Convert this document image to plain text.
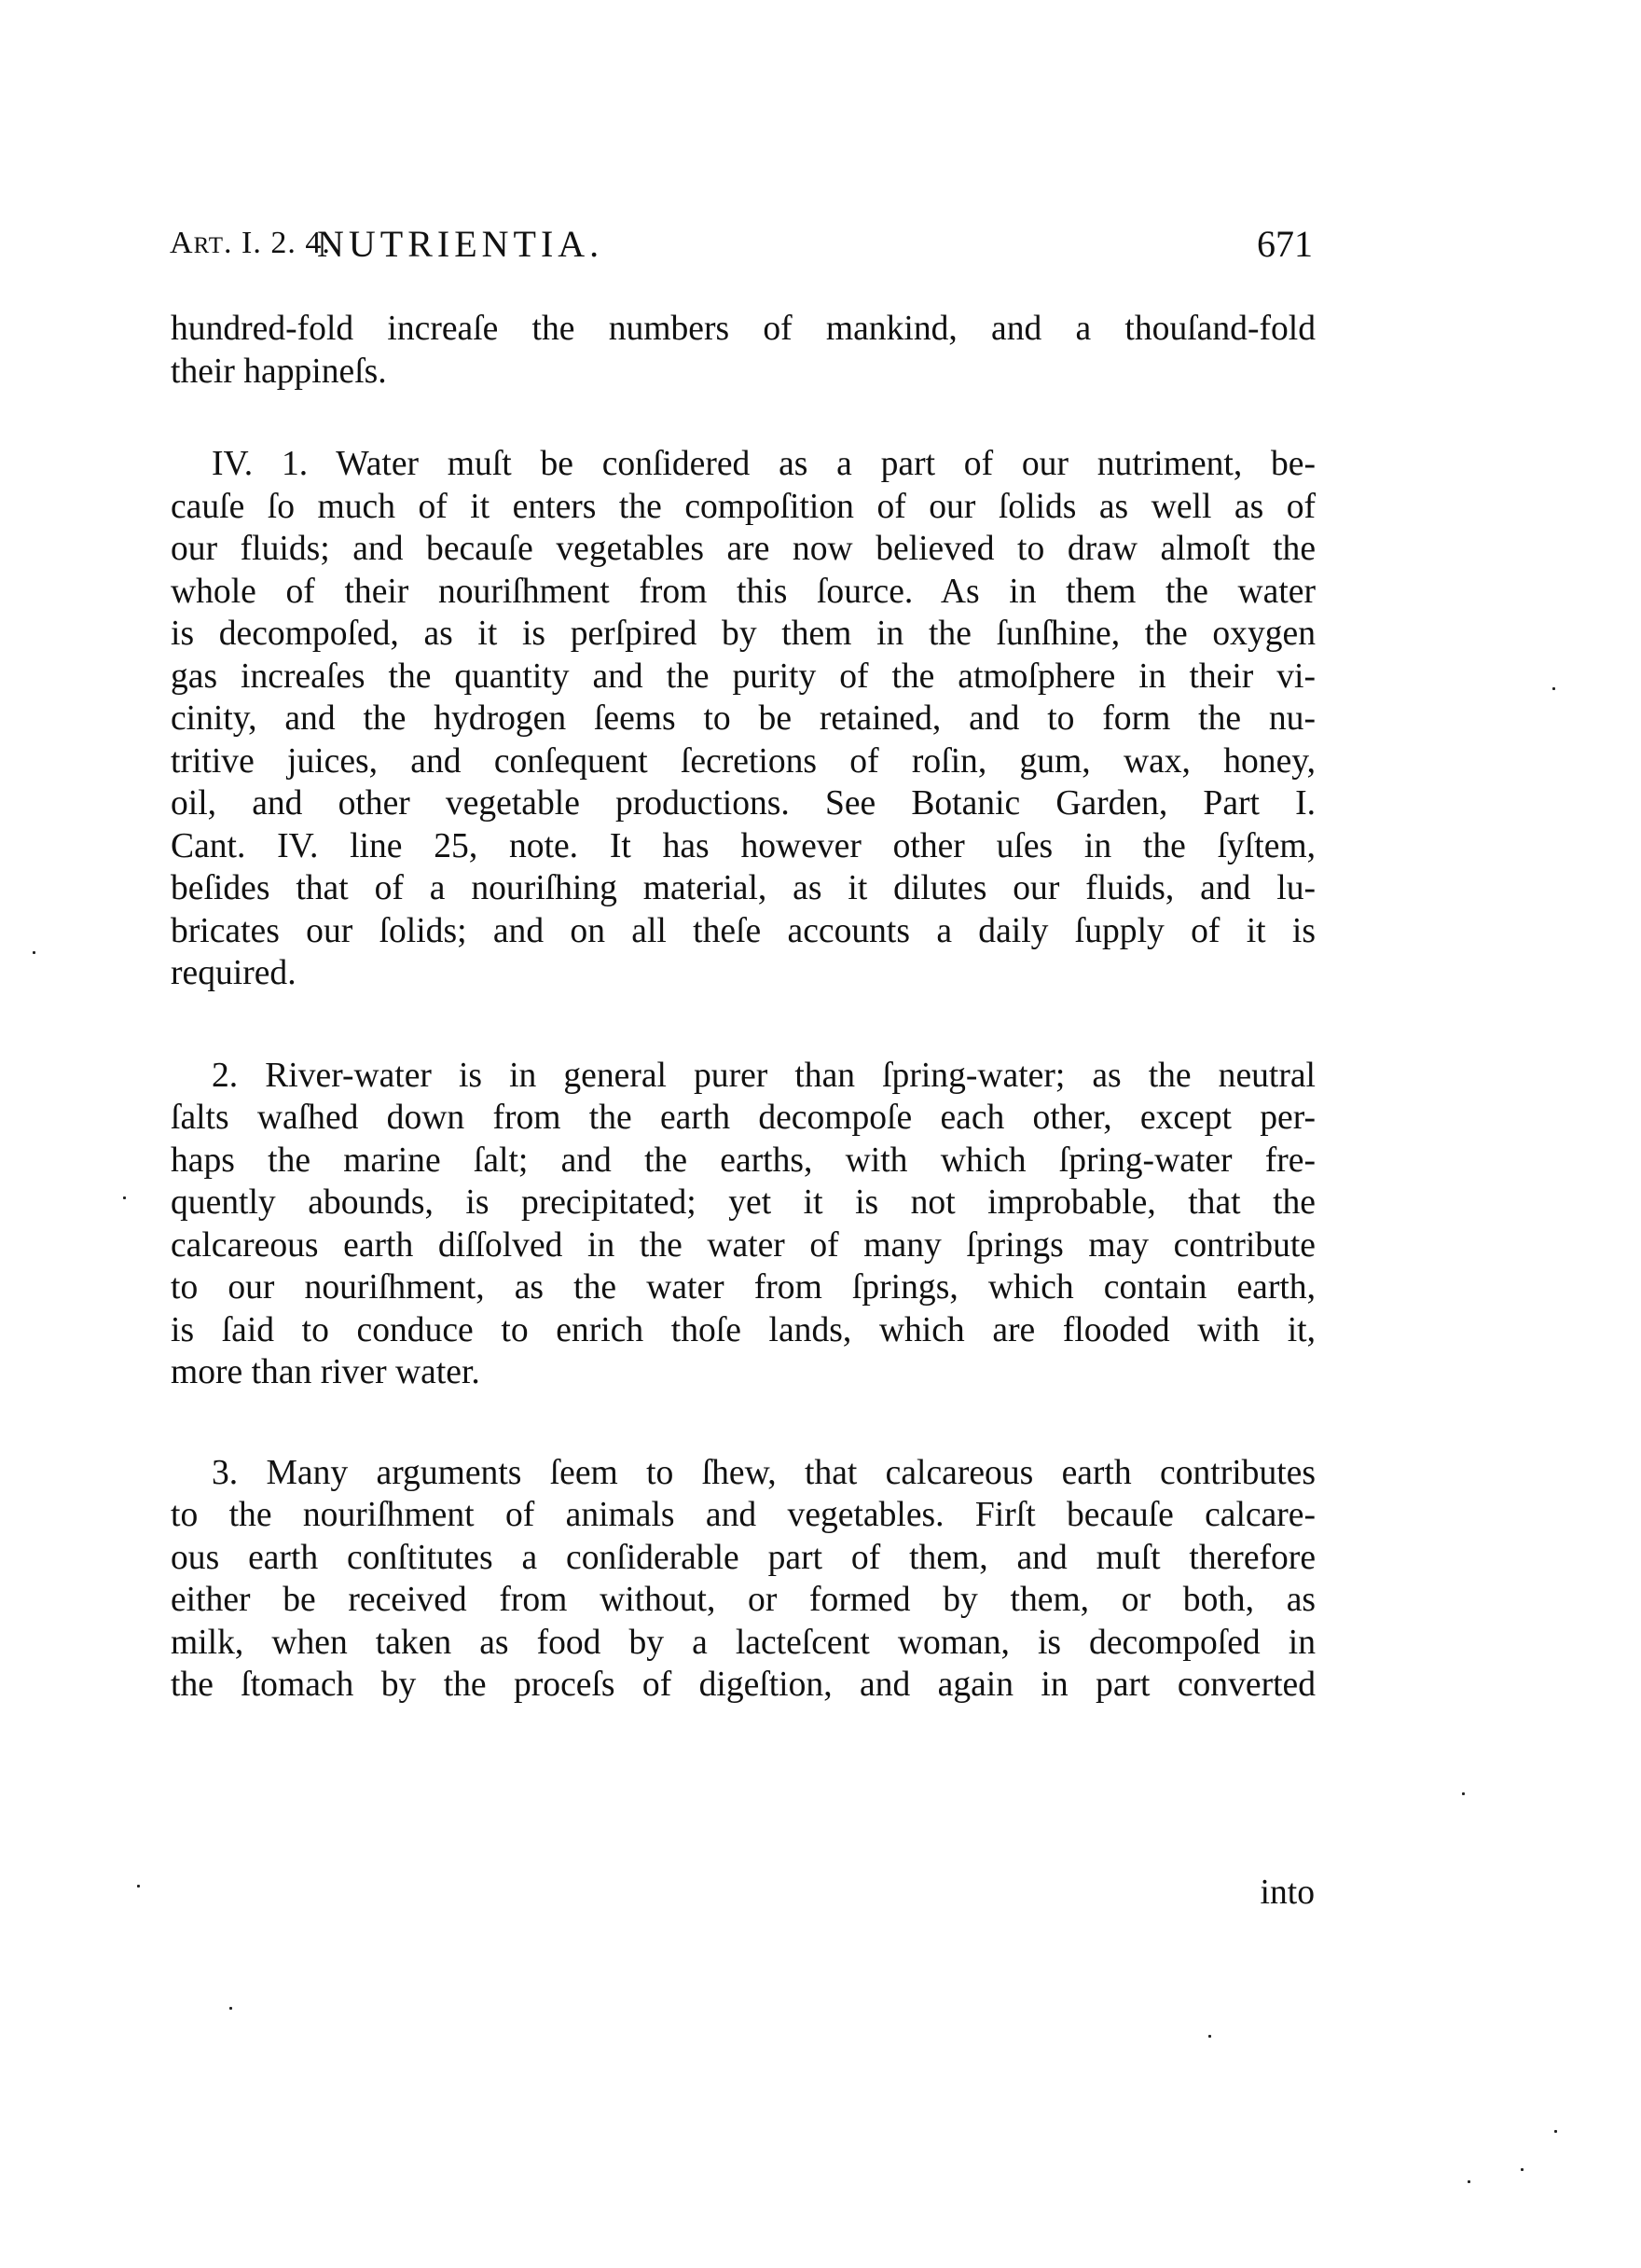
ART. I. 2. 4.
NUTRIENTIA.	671
hundred-fold increaſe the numbers of mankind, and a thouſand-fold
their happineſs.
IV. 1. Water muſt be conſidered as a part of our nutriment, be-
cauſe ſo much of it enters the compoſition of our ſolids as well as of
our fluids; and becauſe vegetables are now believed to draw almoſt the
whole of their nouriſhment from this ſource. As in them the water
is decompoſed, as it is perſpired by them in the ſunſhine, the oxygen
gas increaſes the quantity and the purity of the atmoſphere in their vi-
cinity, and the hydrogen ſeems to be retained, and to form the nu-
tritive juices, and conſequent ſecretions of roſin, gum, wax, honey,
oil, and other vegetable productions. See Botanic Garden, Part I.
Cant. IV. line 25, note. It has however other uſes in the ſyſtem,
beſides that of a nouriſhing material, as it dilutes our fluids, and lu-
bricates our ſolids; and on all theſe accounts a daily ſupply of it is
required.
2. River-water is in general purer than ſpring-water; as the neutral
ſalts waſhed down from the earth decompoſe each other, except per-
haps the marine ſalt; and the earths, with which ſpring-water fre-
quently abounds, is precipitated; yet it is not improbable, that the
calcareous earth diſſolved in the water of many ſprings may contribute
to our nouriſhment, as the water from ſprings, which contain earth,
is ſaid to conduce to enrich thoſe lands, which are flooded with it,
more than river water.
3. Many arguments ſeem to ſhew, that calcareous earth contributes
to the nouriſhment of animals and vegetables. Firſt becauſe calcare-
ous earth conſtitutes a conſiderable part of them, and muſt therefore
either be received from without, or formed by them, or both, as
milk, when taken as food by a lacteſcent woman, is decompoſed in
the ſtomach by the proceſs of digeſtion, and again in part converted
into
